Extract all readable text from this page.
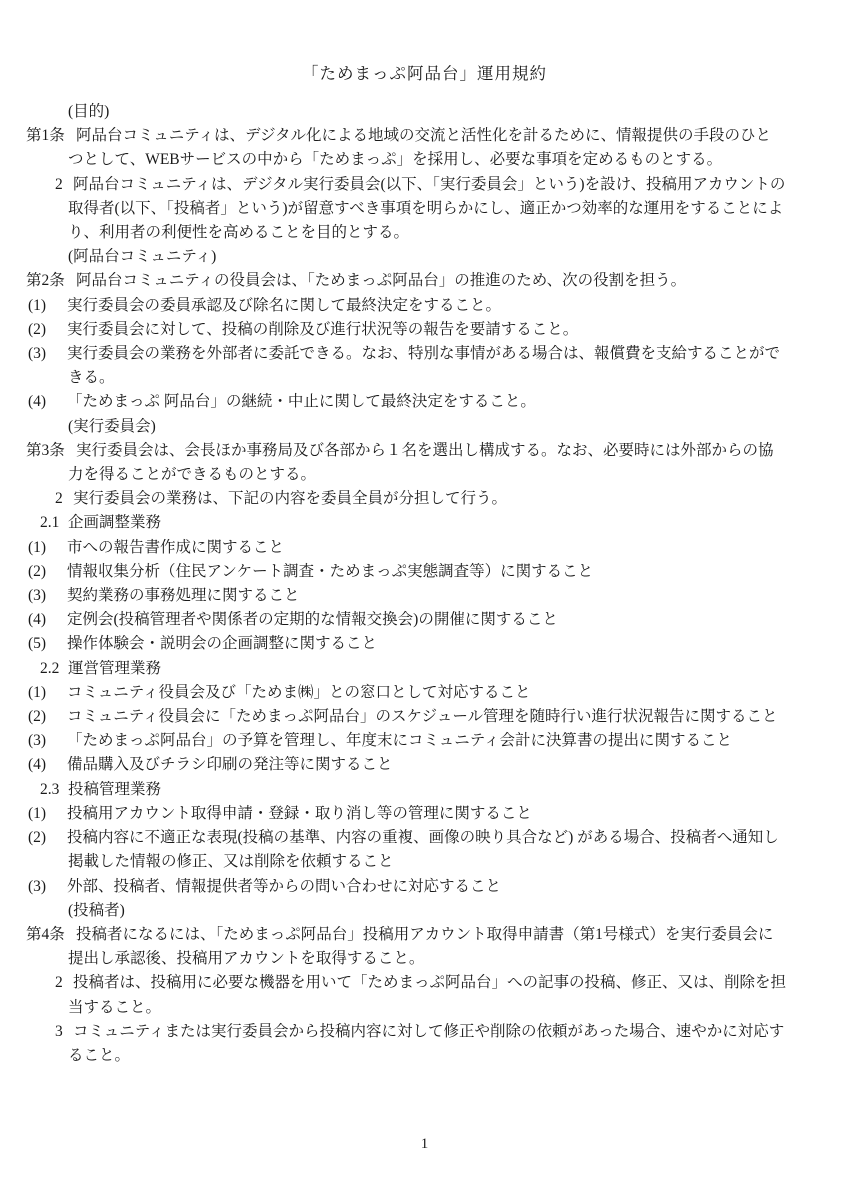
「ためまっぷ阿品台」運用規約

(目的)

第1条 阿品台コミュニティは、デジタル化による地域の交流と活性化を計るために、情報提供の手段のひとつとして、WEBサービスの中から「ためまっぷ」を採用し、必要な事項を定めるものとする。

2 阿品台コミュニティは、デジタル実行委員会(以下、「実行委員会」という)を設け、投稿用アカウントの取得者(以下、「投稿者」という)が留意すべき事項を明らかにし、適正かつ効率的な運用をすることにより、利用者の利便性を高めることを目的とする。

(阿品台コミュニティ)

第2条 阿品台コミュニティの役員会は、「ためまっぷ阿品台」の推進のため、次の役割を担う。

(1) 実行委員会の委員承認及び除名に関して最終決定をすること。

(2) 実行委員会に対して、投稿の削除及び進行状況等の報告を要請すること。

(3) 実行委員会の業務を外部者に委託できる。なお、特別な事情がある場合は、報償費を支給することができる。

(4) 「ためまっぷ 阿品台」の継続・中止に関して最終決定をすること。

(実行委員会)

第3条 実行委員会は、会長ほか事務局及び各部から１名を選出し構成する。なお、必要時には外部からの協力を得ることができるものとする。

2 実行委員会の業務は、下記の内容を委員全員が分担して行う。

2.1 企画調整業務

(1) 市への報告書作成に関すること

(2) 情報収集分析（住民アンケート調査・ためまっぷ実態調査等）に関すること

(3) 契約業務の事務処理に関すること

(4) 定例会(投稿管理者や関係者の定期的な情報交換会)の開催に関すること

(5) 操作体験会・説明会の企画調整に関すること

2.2 運営管理業務

(1) コミュニティ役員会及び「ためま㈱」との窓口として対応すること

(2) コミュニティ役員会に「ためまっぷ阿品台」のスケジュール管理を随時行い進行状況報告に関すること

(3) 「ためまっぷ阿品台」の予算を管理し、年度末にコミュニティ会計に決算書の提出に関すること

(4) 備品購入及びチラシ印刷の発注等に関すること

2.3 投稿管理業務

(1) 投稿用アカウント取得申請・登録・取り消し等の管理に関すること

(2) 投稿内容に不適正な表現(投稿の基準、内容の重複、画像の映り具合など) がある場合、投稿者へ通知し掲載した情報の修正、又は削除を依頼すること

(3) 外部、投稿者、情報提供者等からの問い合わせに対応すること

(投稿者)

第4条 投稿者になるには、「ためまっぷ阿品台」投稿用アカウント取得申請書（第1号様式）を実行委員会に提出し承認後、投稿用アカウントを取得すること。

2 投稿者は、投稿用に必要な機器を用いて「ためまっぷ阿品台」への記事の投稿、修正、又は、削除を担当すること。

3 コミュニティまたは実行委員会から投稿内容に対して修正や削除の依頼があった場合、速やかに対応すること。

1
